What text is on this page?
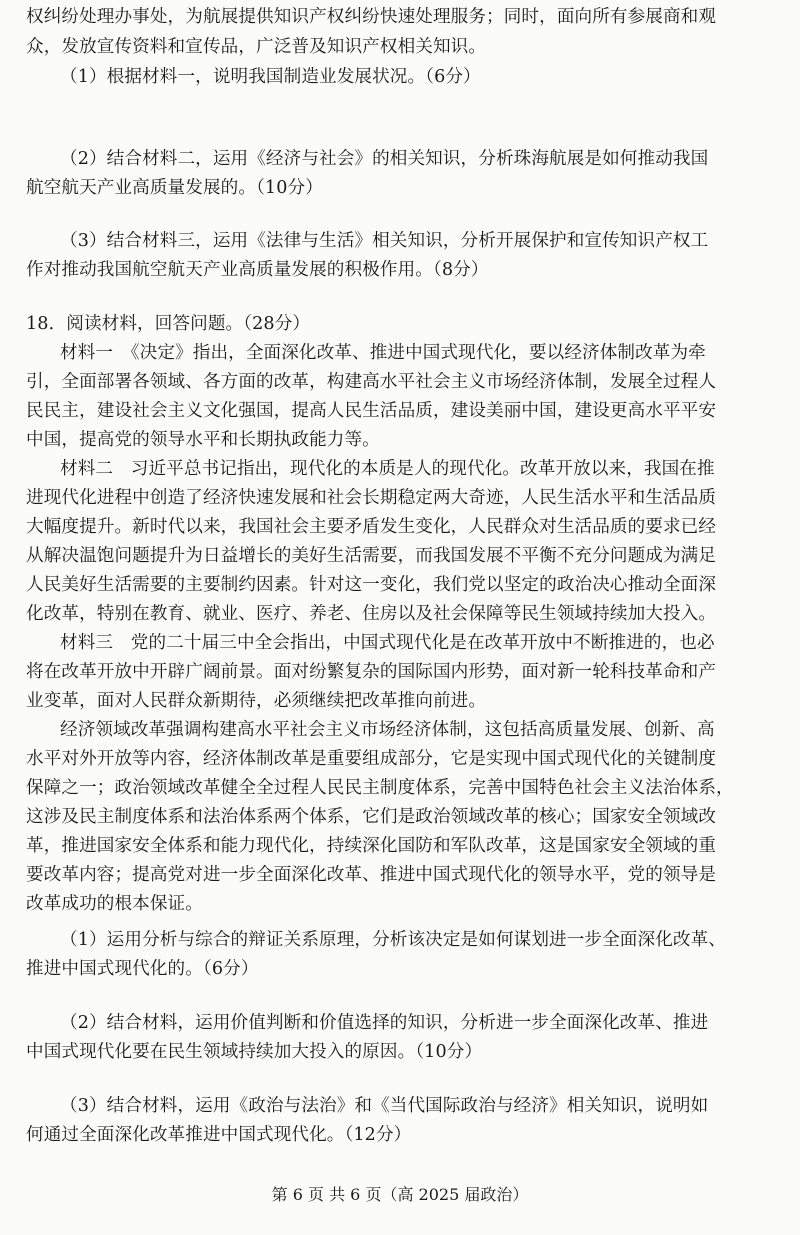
权纠纷处理办事处，为航展提供知识产权纠纷快速处理服务；同时，面向所有参展商和观
众，发放宣传资料和宣传品，广泛普及知识产权相关知识。
（1）根据材料一，说明我国制造业发展状况。（6分）
（2）结合材料二，运用《经济与社会》的相关知识，分析珠海航展是如何推动我国
航空航天产业高质量发展的。（10分）
（3）结合材料三，运用《法律与生活》相关知识，分析开展保护和宣传知识产权工
作对推动我国航空航天产业高质量发展的积极作用。（8分）
18．阅读材料，回答问题。（28分）
材料一　《决定》指出，全面深化改革、推进中国式现代化，要以经济体制改革为牵
引，全面部署各领域、各方面的改革，构建高水平社会主义市场经济体制，发展全过程人
民民主，建设社会主义文化强国，提高人民生活品质，建设美丽中国，建设更高水平平安
中国，提高党的领导水平和长期执政能力等。
材料二　习近平总书记指出，现代化的本质是人的现代化。改革开放以来，我国在推
进现代化进程中创造了经济快速发展和社会长期稳定两大奇迹，人民生活水平和生活品质
大幅度提升。新时代以来，我国社会主要矛盾发生变化，人民群众对生活品质的要求已经
从解决温饱问题提升为日益增长的美好生活需要，而我国发展不平衡不充分问题成为满足
人民美好生活需要的主要制约因素。针对这一变化，我们党以坚定的政治决心推动全面深
化改革，特别在教育、就业、医疗、养老、住房以及社会保障等民生领域持续加大投入。
材料三　党的二十届三中全会指出，中国式现代化是在改革开放中不断推进的，也必
将在改革开放中开辟广阔前景。面对纷繁复杂的国际国内形势，面对新一轮科技革命和产
业变革，面对人民群众新期待，必须继续把改革推向前进。
经济领域改革强调构建高水平社会主义市场经济体制，这包括高质量发展、创新、高
水平对外开放等内容，经济体制改革是重要组成部分，它是实现中国式现代化的关键制度
保障之一；政治领域改革健全全过程人民民主制度体系，完善中国特色社会主义法治体系，
这涉及民主制度体系和法治体系两个体系，它们是政治领域改革的核心；国家安全领域改
革，推进国家安全体系和能力现代化，持续深化国防和军队改革，这是国家安全领域的重
要改革内容；提高党对进一步全面深化改革、推进中国式现代化的领导水平，党的领导是
改革成功的根本保证。
（1）运用分析与综合的辩证关系原理，分析该决定是如何谋划进一步全面深化改革、
推进中国式现代化的。（6分）
（2）结合材料，运用价值判断和价值选择的知识，分析进一步全面深化改革、推进
中国式现代化要在民生领域持续加大投入的原因。（10分）
（3）结合材料，运用《政治与法治》和《当代国际政治与经济》相关知识，说明如
何通过全面深化改革推进中国式现代化。（12分）
第 6 页 共 6 页（高 2025 届政治）
